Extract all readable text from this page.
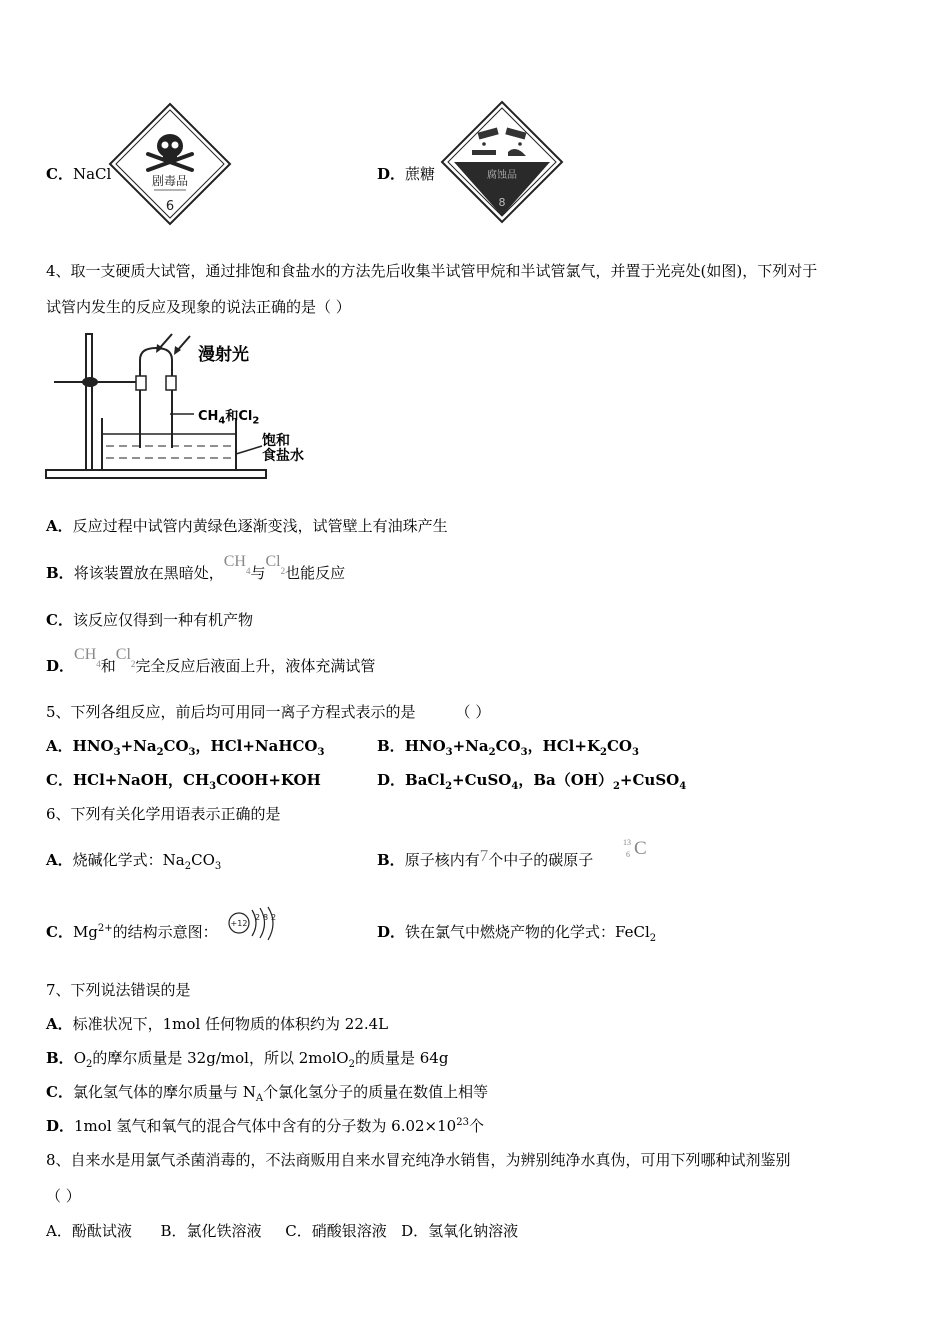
C．NaCl	剧毒品
6
D．蔗糖	腐蚀品
8
4、取一支硬质大试管，通过排饱和食盐水的方法先后收集半试管甲烷和半试管氯气，并置于光亮处(如图)，下列对于
试管内发生的反应及现象的说法正确的是（ ）
漫射光
$CH_4$和$Cl_2$
饱和
食盐水
A．反应过程中试管内黄绿色逐渐变浅，试管壁上有油珠产生
B．将该装置放在黑暗处，$CH_4$与$Cl_2$也能反应
C．该反应仅得到一种有机产物
D．$CH_4$和$Cl_2$完全反应后液面上升，液体充满试管
5、下列各组反应，前后均可用同一离子方程式表示的是	（ ）
A．$HNO_3+Na_2CO_3$，HCl+NaHCO$_3$	B．$HNO_3+Na_2CO_3$，$HCl+K_2CO_3$
C．HCl+NaOH，$CH_3COOH+KOH$	D．BaCl$_2$+CuSO$_4$，$Ba(OH)_2+CuSO_4$
6、下列有关化学用语表示正确的是
A．烧碱化学式：$Na_2CO_3$	B．原子核内有7个中子的碳原子
13
6 C
C．$Mg^{2+}$的结构示意图： +12
2 8 2
D．铁在氯气中燃烧产物的化学式：FeCl$_2$
7、下列说法错误的是
A．标准状况下，1mol 任何物质的体积约为 22.4L
B．$O_2$的摩尔质量是 32g/mol，所以 2molO$_2$的质量是 64g
C．氯化氢气体的摩尔质量与 $N_A$个氯化氢分子的质量在数值上相等
D．1mol 氢气和氧气的混合气体中含有的分子数为 $6.02\times 10^{23}$个
8、自来水是用氯气杀菌消毒的，不法商贩用自来水冒充纯净水销售，为辨别纯净水真伪，可用下列哪种试剂鉴别
（ ）
A．酚酞试液      B．氯化铁溶液     C．硝酸银溶液   D．氢氧化钠溶液
